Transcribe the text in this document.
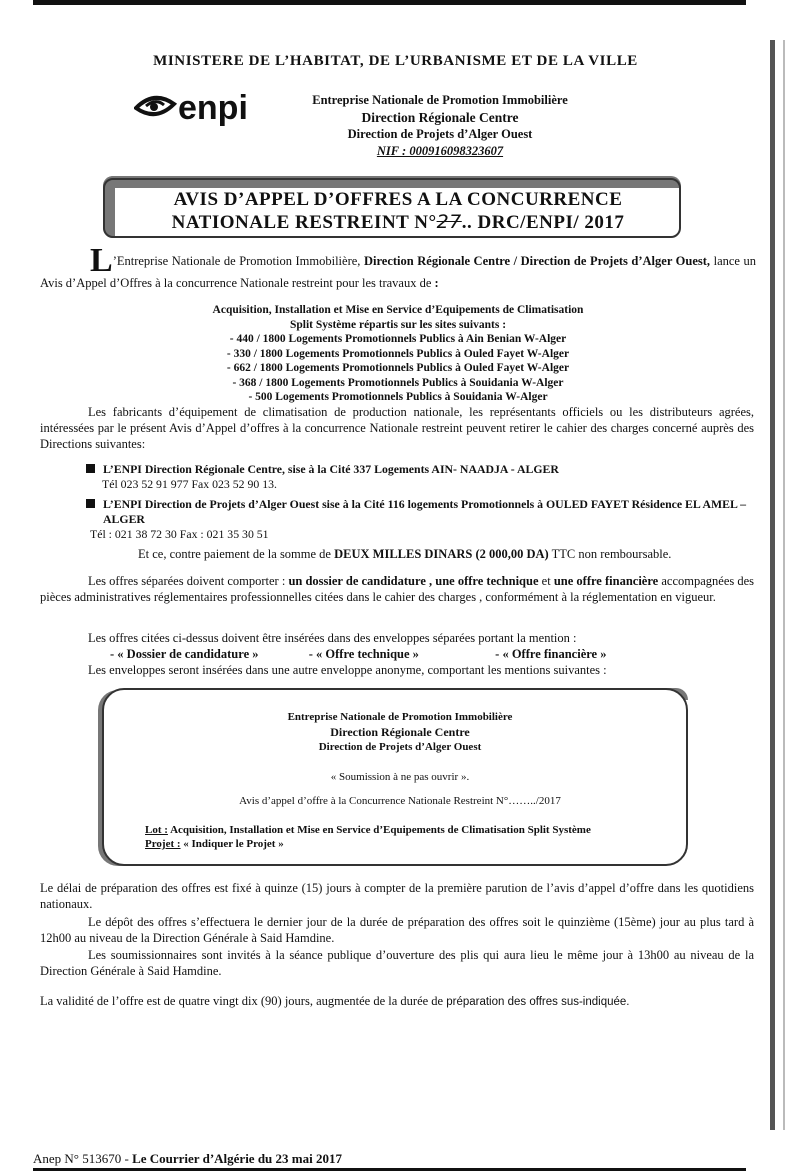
MINISTERE DE L’HABITAT, DE L’URBANISME ET DE LA VILLE
enpi	Entreprise Nationale de Promotion Immobilière
Direction Régionale Centre
Direction de Projets d’Alger Ouest
NIF : 000916098323607
AVIS D’APPEL D’OFFRES A LA CONCURRENCE
NATIONALE RESTREINT N°27.. DRC/ENPI/ 2017
L’Entreprise Nationale de Promotion Immobilière, Direction Régionale Centre / Direction de Projets d’Alger Ouest, lance un Avis d’Appel d’Offres à la concurrence Nationale restreint pour les travaux de :
Acquisition, Installation et Mise en Service d’Equipements de Climatisation
Split Système répartis sur les sites suivants :
- 440 / 1800 Logements Promotionnels Publics à Ain Benian W-Alger
- 330 / 1800 Logements Promotionnels Publics à Ouled Fayet W-Alger
- 662 / 1800 Logements Promotionnels Publics à Ouled Fayet W-Alger
- 368 / 1800 Logements Promotionnels Publics à Souidania W-Alger
- 500 Logements Promotionnels Publics à Souidania W-Alger
Les fabricants d’équipement de climatisation de production nationale, les représentants officiels ou les distributeurs agrées, intéressées par le présent Avis d’Appel d’offres à la concurrence Nationale restreint peuvent retirer le cahier des charges concerné auprès des Directions suivantes:
L’ENPI Direction Régionale Centre, sise à la Cité 337 Logements AIN- NAADJA - ALGER
Tél 023 52 91 977 Fax 023 52 90 13.
L’ENPI Direction de Projets d’Alger Ouest sise à la Cité 116 logements Promotionnels à OULED FAYET Résidence EL AMEL –ALGER
Tél : 021 38 72 30 Fax : 021 35 30 51
Et ce, contre paiement de la somme de DEUX MILLES DINARS (2 000,00 DA) TTC non remboursable.
Les offres séparées doivent comporter : un dossier de candidature , une offre technique et une offre financière accompagnées des pièces administratives réglementaires professionnelles citées dans le cahier des charges , conformément à la réglementation en vigueur.
Les offres citées ci-dessus doivent être insérées dans des enveloppes séparées portant la mention :
- « Dossier de candidature »	- « Offre technique »	- « Offre financière »
Les enveloppes seront insérées dans une autre enveloppe anonyme, comportant les mentions suivantes :
Entreprise Nationale de Promotion Immobilière
Direction Régionale Centre
Direction de Projets d’Alger Ouest
« Soumission à ne pas ouvrir ».
Avis d’appel d’offre à la Concurrence Nationale Restreint N°……../2017
Lot : Acquisition, Installation et Mise en Service d’Equipements de Climatisation Split Système
Projet : « Indiquer le Projet »
Le délai de préparation des offres est fixé à quinze (15) jours à compter de la première parution de l’avis d’appel d’offre dans les quotidiens nationaux.
Le dépôt des offres s’effectuera le dernier jour de la durée de préparation des offres soit le quinzième (15ème) jour au plus tard à 12h00 au niveau de la Direction Générale à Said Hamdine.
Les soumissionnaires sont invités à la séance publique d’ouverture des plis qui aura lieu le même jour à 13h00 au niveau de la Direction Générale à Said Hamdine.
La validité de l’offre est de quatre vingt dix (90) jours, augmentée de la durée de préparation des offres sus-indiquée.
Anep N° 513670 - Le Courrier d’Algérie du 23 mai 2017
